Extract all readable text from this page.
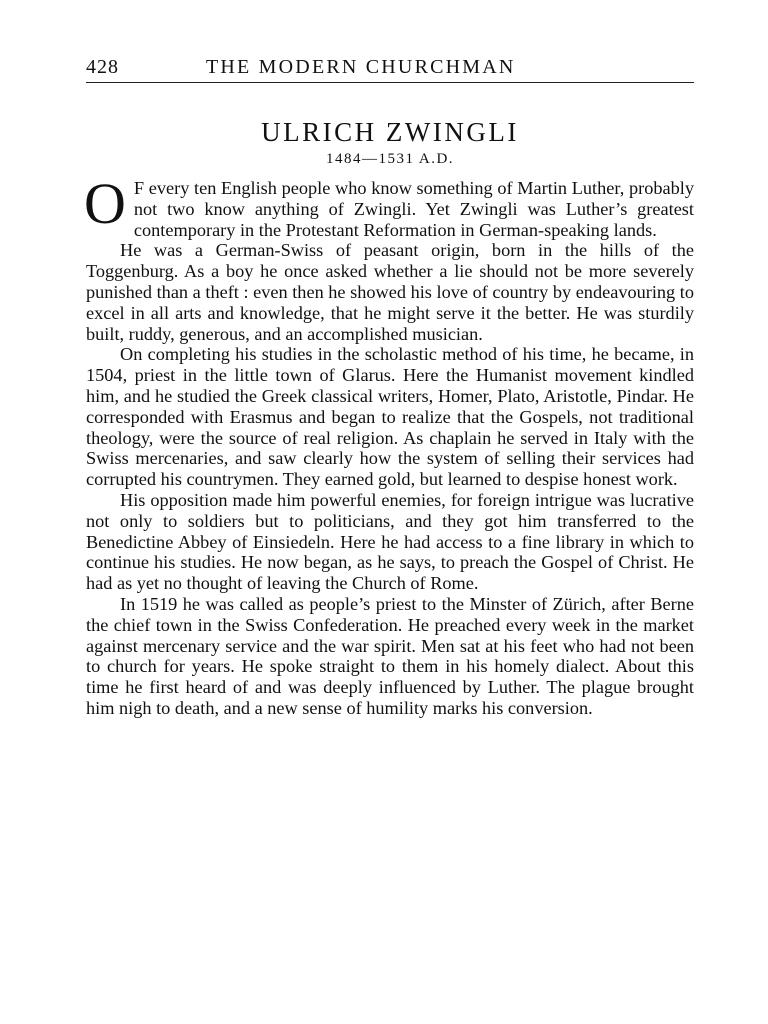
428	THE MODERN CHURCHMAN
ULRICH ZWINGLI
1484—1531 A.D.

O F every ten English people who know something of Martin Luther, probably not two know anything of Zwingli. Yet Zwingli was Luther’s greatest contemporary in the Protestant Reformation in German-speaking lands.

He was a German-Swiss of peasant origin, born in the hills of the Toggenburg. As a boy he once asked whether a lie should not be more severely punished than a theft : even then he showed his love of country by endeavouring to excel in all arts and knowledge, that he might serve it the better. He was sturdily built, ruddy, generous, and an accomplished musician.

On completing his studies in the scholastic method of his time, he became, in 1504, priest in the little town of Glarus. Here the Humanist movement kindled him, and he studied the Greek classical writers, Homer, Plato, Aristotle, Pindar. He corresponded with Erasmus and began to realize that the Gospels, not traditional theology, were the source of real religion. As chaplain he served in Italy with the Swiss mercenaries, and saw clearly how the system of selling their services had corrupted his countrymen. They earned gold, but learned to despise honest work.

His opposition made him powerful enemies, for foreign intrigue was lucrative not only to soldiers but to politicians, and they got him transferred to the Benedictine Abbey of Einsiedeln. Here he had access to a fine library in which to continue his studies. He now began, as he says, to preach the Gospel of Christ. He had as yet no thought of leaving the Church of Rome.

In 1519 he was called as people’s priest to the Minster of Zürich, after Berne the chief town in the Swiss Confederation. He preached every week in the market against mercenary service and the war spirit. Men sat at his feet who had not been to church for years. He spoke straight to them in his homely dialect. About this time he first heard of and was deeply influenced by Luther. The plague brought him nigh to death, and a new sense of humility marks his conversion.
